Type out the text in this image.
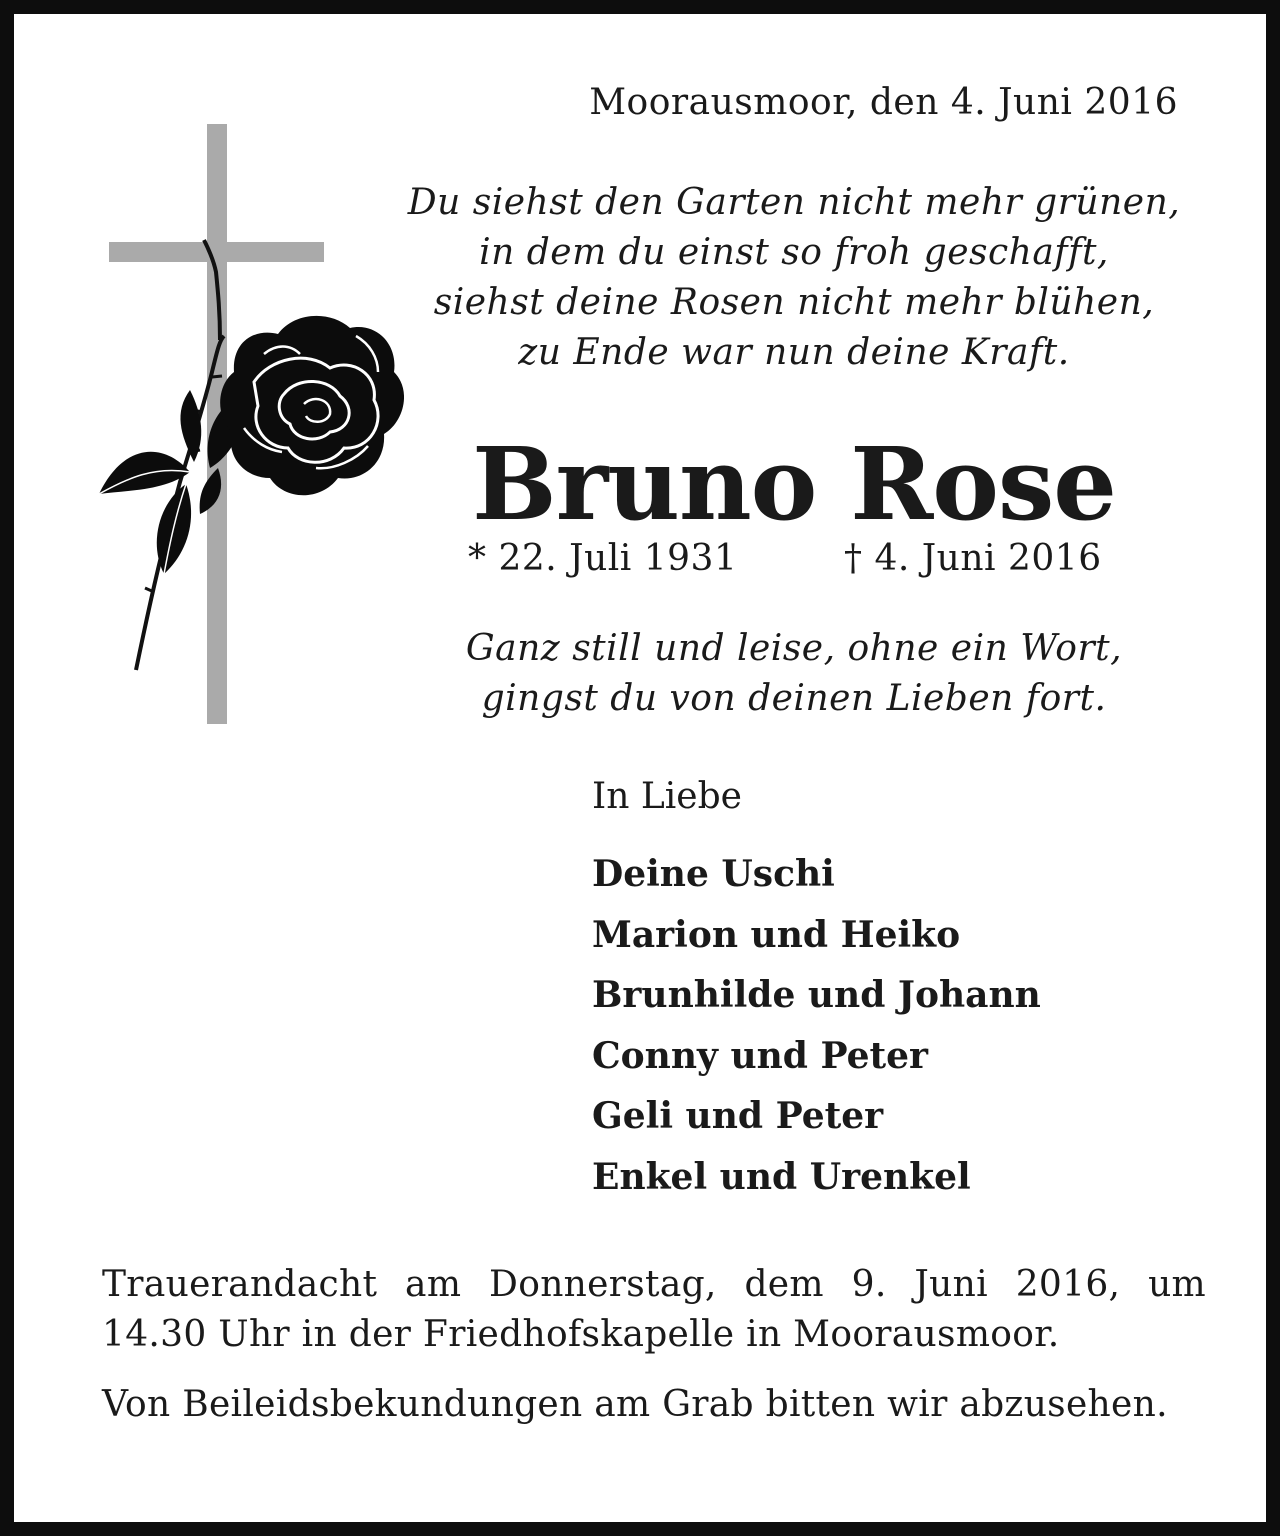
Moorausmoor, den 4. Juni 2016
Du siehst den Garten nicht mehr grünen,
in dem du einst so froh geschafft,
siehst deine Rosen nicht mehr blühen,
zu Ende war nun deine Kraft.
Bruno Rose
* 22. Juli 1931	† 4. Juni 2016
Ganz still und leise, ohne ein Wort,
gingst du von deinen Lieben fort.
In Liebe
Deine Uschi
Marion und Heiko
Brunhilde und Johann
Conny und Peter
Geli und Peter
Enkel und Urenkel
Trauerandacht am Donnerstag, dem 9. Juni 2016, um 14.30 Uhr in der Friedhofskapelle in Moorausmoor.
Von Beileidsbekundungen am Grab bitten wir abzusehen.
